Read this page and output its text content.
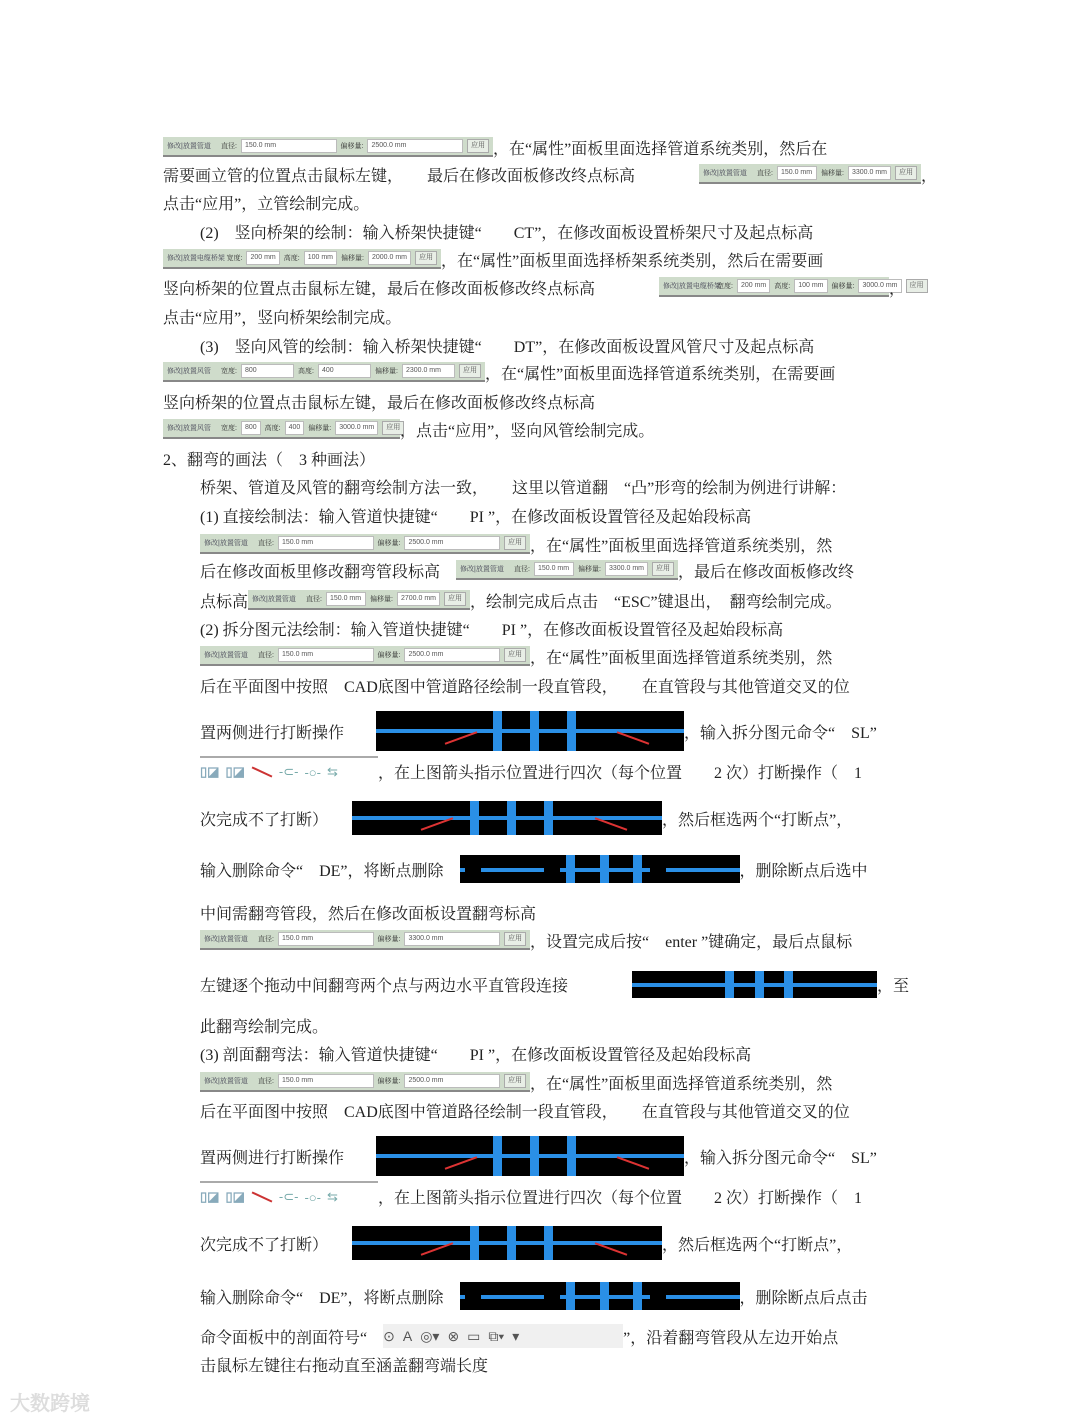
大数跨境
修改|放置管道	直径:	150.0 mm	偏移量:	2500.0 mm	应用 ，在“属性”面板里面选择管道系统类别，然后在
需要画立管的位置点击鼠标左键，　　最后在修改面板修改终点标高　　　　 修改|放置管道	直径:	150.0 mm	偏移量:	3300.0 mm	应用 ，
点击“应用”，立管绘制完成。
(2)　竖向桥架的绘制：输入桥架快捷键“　　CT”，在修改面板设置桥架尺寸及起点标高
修改|放置电缆桥架 宽度:	200 mm	高度:	100 mm	偏移量:	2000.0 mm	应用 ，在“属性”面板里面选择桥架系统类别，然后在需要画
竖向桥架的位置点击鼠标左键，最后在修改面板修改终点标高　　　　 修改|放置电缆桥架
宽度:	200 mm	高度:	100 mm	偏移量:	3000.0 mm	应用
，
点击“应用”，竖向桥架绘制完成。
(3)　竖向风管的绘制：输入桥架快捷键“　　DT”，在修改面板设置风管尺寸及起点标高
修改|放置风管	宽度:	800	高度:	400	偏移量:	2300.0 mm	应用 ，在“属性”面板里面选择管道系统类别，在需要画
竖向桥架的位置点击鼠标左键，最后在修改面板修改终点标高
修改|放置风管	宽度:	800	高度:	400	偏移量:	3000.0 mm	应用 ，点击“应用”，竖向风管绘制完成。
2、翻弯的画法（　3 种画法）
桥架、管道及风管的翻弯绘制方法一致，　　这里以管道翻　“凸”形弯的绘制为例进行讲解：
(1) 直接绘制法：输入管道快捷键“　　PI ”，在修改面板设置管径及起始段标高
修改|放置管道	直径:	150.0 mm	偏移量:	2500.0 mm	应用 ，在“属性”面板里面选择管道系统类别，然
后在修改面板里修改翻弯管段标高　 修改|放置管道	直径:	150.0 mm	偏移量:	3300.0 mm	应用 ，最后在修改面板修改终
点标高 修改|放置管道	直径:	150.0 mm	偏移量:	2700.0 mm	应用 ，绘制完成后点击　“ESC”键退出，　翻弯绘制完成。
(2) 拆分图元法绘制：输入管道快捷键“　　PI ”，在修改面板设置管径及起始段标高
修改|放置管道	直径:	150.0 mm	偏移量:	2500.0 mm	应用 ，在“属性”面板里面选择管道系统类别，然
后在平面图中按照　CAD底图中管道路径绘制一段直管段，　　在直管段与其他管道交叉的位
置两侧进行打断操作　　	，输入拆分图元命令“　SL”
▯◪ ▯◪	-⊂- -○- ⇆	，在上图箭头指示位置进行四次（每个位置　　2 次）打断操作（　1
次完成不了打断）　　	，然后框选两个“打断点”，
输入删除命令“　DE”，将断点删除　	，删除断点后选中
中间需翻弯管段，然后在修改面板设置翻弯标高
修改|放置管道	直径:	150.0 mm	偏移量:	3300.0 mm	应用 ，设置完成后按“　enter ”键确定，最后点鼠标
左键逐个拖动中间翻弯两个点与两边水平直管段连接　　　　	，至
此翻弯绘制完成。
(3) 剖面翻弯法：输入管道快捷键“　　PI ”，在修改面板设置管径及起始段标高
修改|放置管道	直径:	150.0 mm	偏移量:	2500.0 mm	应用 ，在“属性”面板里面选择管道系统类别，然
后在平面图中按照　CAD底图中管道路径绘制一段直管段，　　在直管段与其他管道交叉的位
置两侧进行打断操作　　	，输入拆分图元命令“　SL”
▯◪ ▯◪	-⊂- -○- ⇆	，在上图箭头指示位置进行四次（每个位置　　2 次）打断操作（　1
次完成不了打断）　　	，然后框选两个“打断点”，
输入删除命令“　DE”，将断点删除　	，删除断点后点击
命令面板中的剖面符号“　 ⊙ A ◎▾ ⊗ ▭ ⧉▾ ▾	”，沿着翻弯管段从左边开始点
击鼠标左键往右拖动直至涵盖翻弯端长度
